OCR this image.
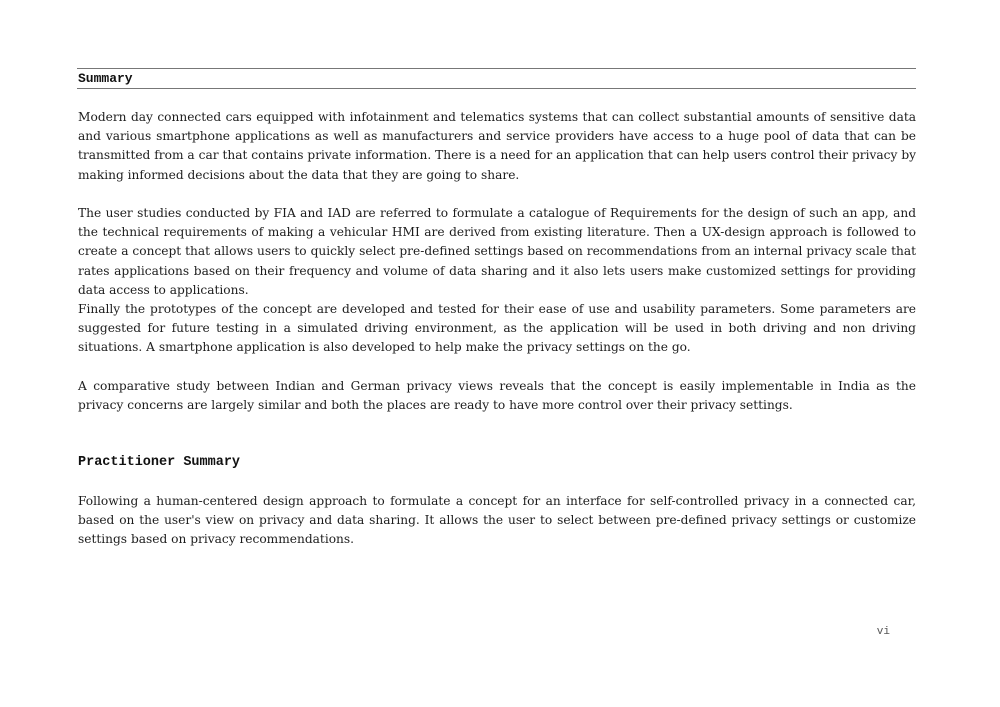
Summary

Modern day connected cars equipped with infotainment and telematics systems that can collect substantial amounts of sensitive data and various smartphone applications as well as manufacturers and service providers have access to a huge pool of data that can be transmitted from a car that contains private information. There is a need for an application that can help users control their privacy by making informed decisions about the data that they are going to share.

The user studies conducted by FIA and IAD are referred to formulate a catalogue of Requirements for the design of such an app, and the technical requirements of making a vehicular HMI are derived from existing literature. Then a UX-design approach is followed to create a concept that allows users to quickly select pre-defined settings based on recommendations from an internal privacy scale that rates applications based on their frequency and volume of data sharing and it also lets users make customized settings for providing data access to applications.

Finally the prototypes of the concept are developed and tested for their ease of use and usability parameters. Some parameters are suggested for future testing in a simulated driving environment, as the application will be used in both driving and non driving situations. A smartphone application is also developed to help make the privacy settings on the go.

A comparative study between Indian and German privacy views reveals that the concept is easily implementable in India as the privacy concerns are largely similar and both the places are ready to have more control over their privacy settings.

Practitioner Summary

Following a human-centered design approach to formulate a concept for an interface for self-controlled privacy in a connected car, based on the user's view on privacy and data sharing. It allows the user to select between pre-defined privacy settings or customize settings based on privacy recommendations.

vi
